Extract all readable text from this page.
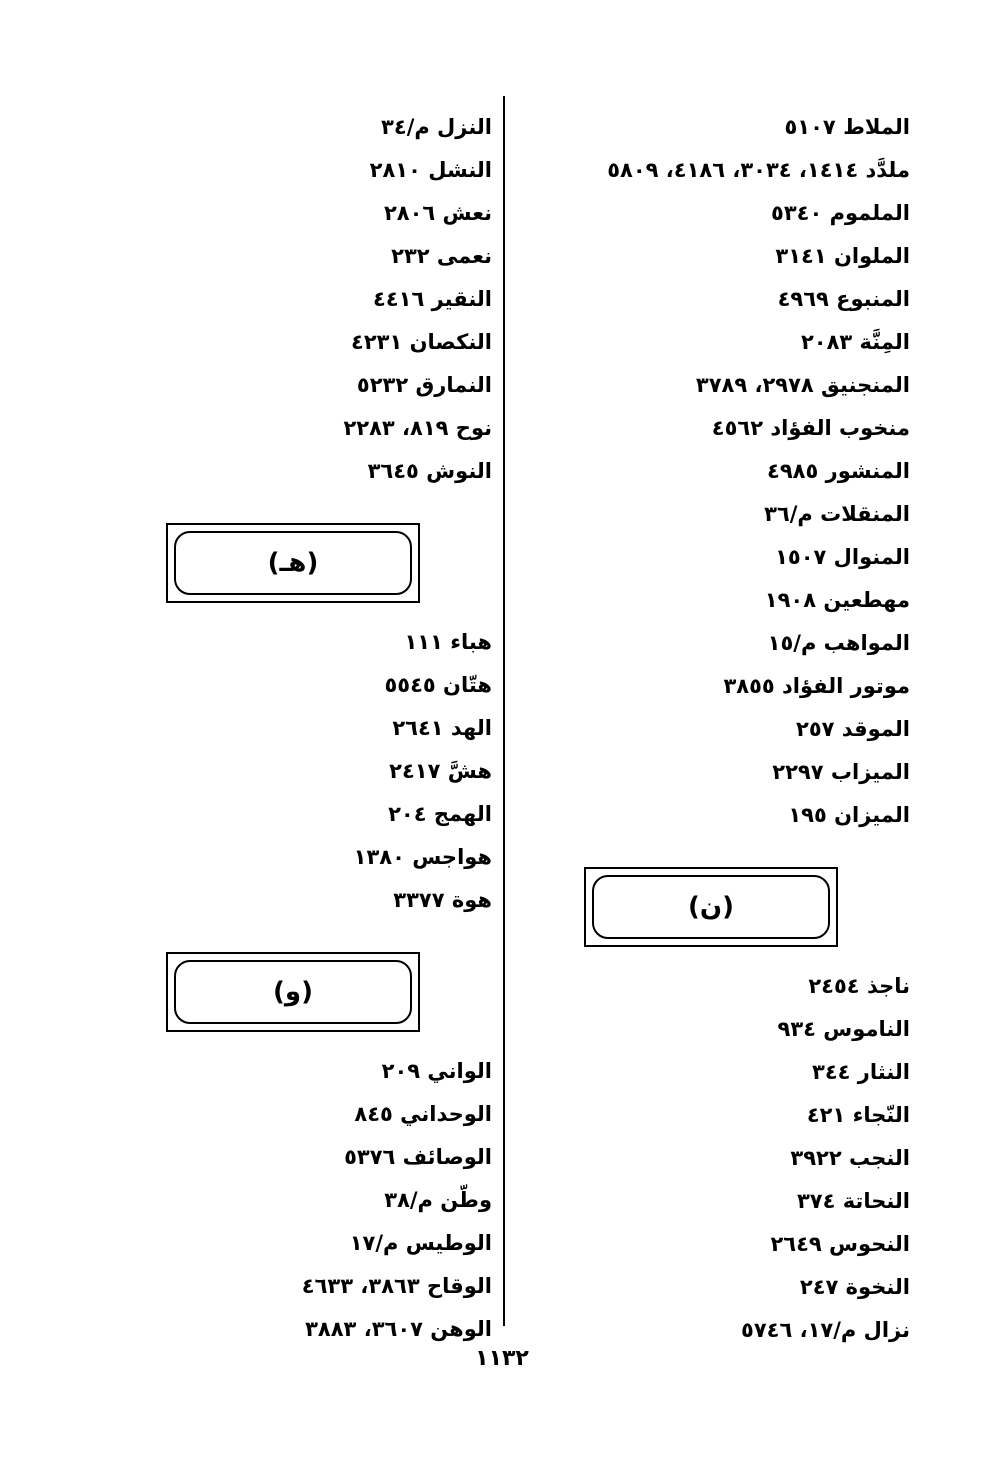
الملاط ٥١٠٧
ملدَّد ١٤١٤، ٣٠٣٤، ٤١٨٦، ٥٨٠٩
الملموم ٥٣٤٠
الملوان ٣١٤١
المنبوع ٤٩٦٩
المِنَّة ٢٠٨٣
المنجنيق ٢٩٧٨، ٣٧٨٩
منخوب الفؤاد ٤٥٦٢
المنشور ٤٩٨٥
المنقلات م/٣٦
المنوال ١٥٠٧
مهطعين ١٩٠٨
المواهب م/١٥
موتور الفؤاد ٣٨٥٥
الموقد ٢٥٧
الميزاب ٢٢٩٧
الميزان ١٩٥
(ن)
ناجذ ٢٤٥٤
الناموس ٩٣٤
النثار ٣٤٤
النّجاء ٤٢١
النجب ٣٩٢٢
النحاتة ٣٧٤
النحوس ٢٦٤٩
النخوة ٢٤٧
نزال م/١٧، ٥٧٤٦
النزل م/٣٤
النشل ٢٨١٠
نعش ٢٨٠٦
نعمى ٢٣٢
النقير ٤٤١٦
النكصان ٤٢٣١
النمارق ٥٢٣٢
نوح ٨١٩، ٢٢٨٣
النوش ٣٦٤٥
(هـ)
هباء ١١١
هتّان ٥٥٤٥
الهد ٢٦٤١
هشَّ ٢٤١٧
الهمج ٢٠٤
هواجس ١٣٨٠
هوة ٣٣٧٧
(و)
الواني ٢٠٩
الوحداني ٨٤٥
الوصائف ٥٣٧٦
وطّن م/٣٨
الوطيس م/١٧
الوقاح ٣٨٦٣، ٤٦٣٣
الوهن ٣٦٠٧، ٣٨٨٣
١١٣٢
